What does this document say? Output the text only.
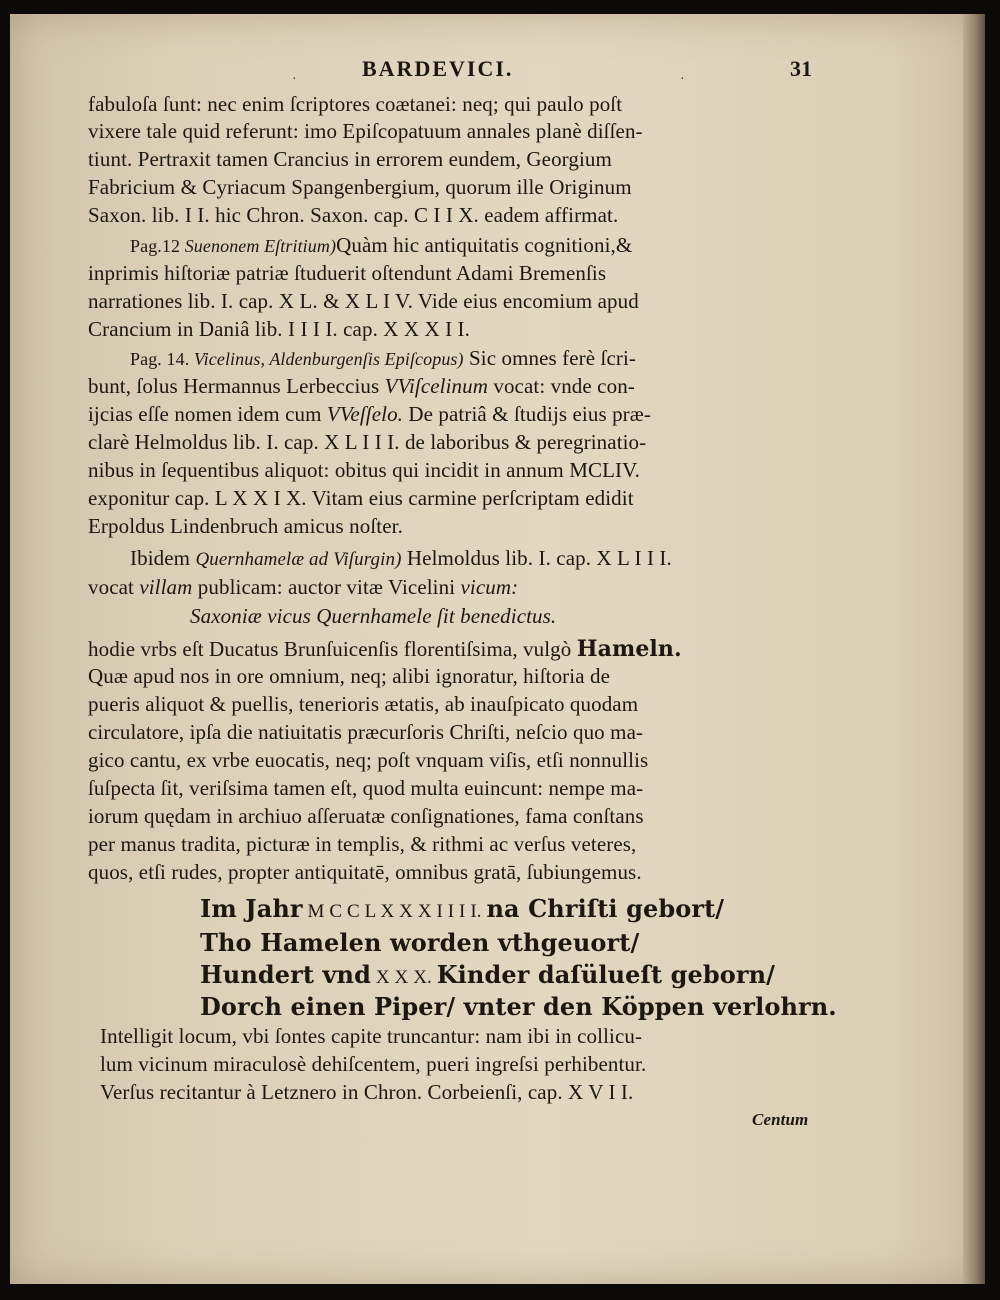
·	·
BARDEVICI.	31
fabuloſa ſunt: nec enim ſcriptores coætanei: neq; qui paulo poſt
vixere tale quid referunt: imo Epiſcopatuum annales planè diſſen-
tiunt. Pertraxit tamen Crancius in errorem eundem, Georgium
Fabricium & Cyriacum Spangenbergium, quorum ille Originum
Saxon. lib. I I. hic Chron. Saxon. cap. C I I X. eadem affirmat.
Pag.12 Suenonem Eſtritium)Quàm hic antiquitatis cognitioni,&
inprimis hiſtoriæ patriæ ſtuduerit oſtendunt Adami Bremenſis
narrationes lib. I. cap. X L. & X L I V. Vide eius encomium apud
Crancium in Daniâ lib. I I I I. cap. X X X I I.
Pag. 14. Vicelinus, Aldenburgenſis Epiſcopus) Sic omnes ferè ſcri-
bunt, ſolus Hermannus Lerbeccius VViſcelinum vocat: vnde con-
ijcias eſſe nomen idem cum VVeſſelo. De patriâ & ſtudijs eius præ-
clarè Helmoldus lib. I. cap. X L I I I. de laboribus & peregrinatio-
nibus in ſequentibus aliquot: obitus qui incidit in annum MCLIV.
exponitur cap. L X X I X. Vitam eius carmine perſcriptam edidit
Erpoldus Lindenbruch amicus noſter.
Ibidem Quernhamelæ ad Viſurgin) Helmoldus lib. I. cap. X L I I I.
vocat villam publicam: auctor vitæ Vicelini vicum:
Saxoniæ vicus Quernhamele ſit benedictus.
hodie vrbs eſt Ducatus Brunſuicenſis florentiſsima, vulgò Hameln.
Quæ apud nos in ore omnium, neq; alibi ignoratur, hiſtoria de
pueris aliquot & puellis, tenerioris ætatis, ab inauſpicato quodam
circulatore, ipſa die natiuitatis præcurſoris Chriſti, neſcio quo ma-
gico cantu, ex vrbe euocatis, neq; poſt vnquam viſis, etſi nonnullis
ſuſpecta ſit, veriſsima tamen eſt, quod multa euincunt: nempe ma-
iorum quędam in archiuo aſſeruatæ conſignationes, fama conſtans
per manus tradita, picturæ in templis, & rithmi ac verſus veteres,
quos, etſi rudes, propter antiquitatē, omnibus gratā, ſubiungemus.
Im Jahr M C C L X X X I I I I. na Chriſti gebort/
Tho Hamelen worden vthgeuort/
Hundert vnd X X X. Kinder daſülueſt geborn/
Dorch einen Piper/ vnter den Köppen verlohrn.
Intelligit locum, vbi ſontes capite truncantur: nam ibi in collicu-
lum vicinum miraculosè dehiſcentem, pueri ingreſsi perhibentur.
Verſus recitantur à Letznero in Chron. Corbeienſi, cap. X V I I.
Centum
